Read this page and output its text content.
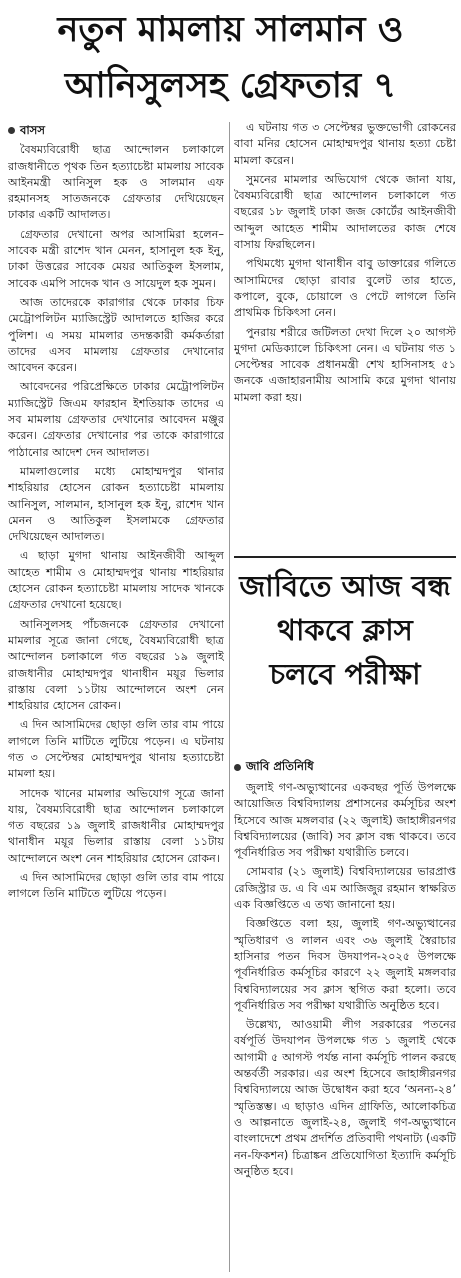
নতুন মামলায় সালমান ও
আনিসুলসহ গ্রেফতার ৭
বাসস

বৈষম্যবিরোধী ছাত্র আন্দোলন চলাকালে রাজধানীতে পৃথক তিন হত্যাচেষ্টা মামলায় সাবেক আইনমন্ত্রী আনিসুল হক ও সালমান এফ রহমানসহ সাতজনকে গ্রেফতার দেখিয়েছেন ঢাকার একটি আদালত।

গ্রেফতার দেখানো অপর আসামিরা হলেন– সাবেক মন্ত্রী রাশেদ খান মেনন, হাসানুল হক ইনু, ঢাকা উত্তরের সাবেক মেয়র আতিকুল ইসলাম, সাবেক এমপি সাদেক খান ও সায়েদুল হক সুমন।

আজ তাদেরকে কারাগার থেকে ঢাকার চিফ মেট্রোপলিটন ম্যাজিস্ট্রেট আদালতে হাজির করে পুলিশ। এ সময় মামলার তদন্তকারী কর্মকর্তারা তাদের এসব মামলায় গ্রেফতার দেখানোর আবেদন করেন।

আবেদনের পরিপ্রেক্ষিতে ঢাকার মেট্রোপলিটন ম্যাজিস্ট্রেট জিএম ফারহান ইশতিয়াক তাদের এ সব মামলায় গ্রেফতার দেখানোর আবেদন মঞ্জুর করেন। গ্রেফতার দেখানোর পর তাকে কারাগারে পাঠানোর আদেশ দেন আদালত।

মামলাগুলোর মধ্যে মোহাম্মদপুর থানার শাহরিয়ার হোসেন রোকন হত্যাচেষ্টা মামলায় আনিসুল, সালমান, হাসানুল হক ইনু, রাশেদ খান মেনন ও আতিকুল ইসলামকে গ্রেফতার দেখিয়েছেন আদালত।

এ ছাড়া মুগদা থানায় আইনজীবী আব্দুল আহেত শামীম ও মোহাম্মদপুর থানায় শাহরিয়ার হোসেন রোকন হত্যাচেষ্টা মামলায় সাদেক খানকে গ্রেফতার দেখানো হয়েছে।

আনিসুলসহ পাঁচজনকে গ্রেফতার দেখানো মামলার সূত্রে জানা গেছে, বৈষম্যবিরোধী ছাত্র আন্দোলন চলাকালে গত বছরের ১৯ জুলাই রাজধানীর মোহাম্মদপুর থানাধীন ময়ূর ভিলার রাস্তায় বেলা ১১টায় আন্দোলনে অংশ নেন শাহরিয়ার হোসেন রোকন।

এ দিন আসামিদের ছোড়া গুলি তার বাম পায়ে লাগলে তিনি মাটিতে লুটিয়ে পড়েন। এ ঘটনায় গত ৩ সেপ্টেম্বর মোহাম্মদপুর থানায় হত্যাচেষ্টা মামলা হয়।

সাদেক খানের মামলার অভিযোগ সূত্রে জানা যায়, বৈষম্যবিরোধী ছাত্র আন্দোলন চলাকালে গত বছরের ১৯ জুলাই রাজধানীর মোহাম্মদপুর থানাধীন ময়ূর ভিলার রাস্তায় বেলা ১১টায় আন্দোলনে অংশ নেন শাহরিয়ার হোসেন রোকন।

এ দিন আসামিদের ছোড়া গুলি তার বাম পায়ে লাগলে তিনি মাটিতে লুটিয়ে পড়েন।

এ ঘটনায় গত ৩ সেপ্টেম্বর ভুক্তভোগী রোকনের বাবা মনির হোসেন মোহাম্মদপুর থানায় হত্যা চেষ্টা মামলা করেন।

সুমনের মামলার অভিযোগ থেকে জানা যায়, বৈষম্যবিরোধী ছাত্র আন্দোলন চলাকালে গত বছরের ১৮ জুলাই ঢাকা জজ কোর্টের আইনজীবী আব্দুল আহেত শামীম আদালতের কাজ শেষে বাসায় ফিরছিলেন।

পথিমধ্যে মুগদা থানাধীন বাবু ডাক্তারের গলিতে আসামিদের ছোড়া রাবার বুলেট তার হাতে, কপালে, বুকে, চোয়ালে ও পেটে লাগলে তিনি প্রাথমিক চিকিৎসা নেন।

পুনরায় শরীরে জটিলতা দেখা দিলে ২০ আগস্ট মুগদা মেডিক্যালে চিকিৎসা নেন। এ ঘটনায় গত ১ সেপ্টেম্বর সাবেক প্রধানমন্ত্রী শেখ হাসিনাসহ ৫১ জনকে এজাহারনামীয় আসামি করে মুগদা থানায় মামলা করা হয়।

জাবিতে আজ বন্ধ
থাকবে ক্লাস
চলবে পরীক্ষা
জাবি প্রতিনিধি

জুলাই গণ-অভ্যুত্থানের একবছর পূর্তি উপলক্ষে আয়োজিত বিশ্ববিদ্যালয় প্রশাসনের কর্মসূচির অংশ হিসেবে আজ মঙ্গলবার (২২ জুলাই) জাহাঙ্গীরনগর বিশ্ববিদ্যালয়ের (জাবি) সব ক্লাস বন্ধ থাকবে। তবে পূর্বনির্ধারিত সব পরীক্ষা যথারীতি চলবে।

সোমবার (২১ জুলাই) বিশ্ববিদ্যালয়ের ভারপ্রাপ্ত রেজিস্ট্রার ড. এ বি এম আজিজুর রহমান স্বাক্ষরিত এক বিজ্ঞপ্তিতে এ তথ্য জানানো হয়।

বিজ্ঞপ্তিতে বলা হয়, জুলাই গণ-অভ্যুত্থানের স্মৃতিধারণ ও লালন এবং ৩৬ জুলাই স্বৈরাচার হাসিনার পতন দিবস উদযাপন-২০২৫ উপলক্ষে পূর্বনির্ধারিত কর্মসূচির কারণে ২২ জুলাই মঙ্গলবার বিশ্ববিদ্যালয়ের সব ক্লাস স্থগিত করা হলো। তবে পূর্বনির্ধারিত সব পরীক্ষা যথারীতি অনুষ্ঠিত হবে।

উল্লেখ্য, আওয়ামী লীগ সরকারের পতনের বর্ষপূর্তি উদযাপন উপলক্ষে গত ১ জুলাই থেকে আগামী ৫ আগস্ট পর্যন্ত নানা কর্মসূচি পালন করছে অন্তর্বর্তী সরকার। এর অংশ হিসেবে জাহাঙ্গীরনগর বিশ্ববিদ্যালয়ে আজ উদ্বোধন করা হবে ‘অনন্য-২৪’ স্মৃতিস্তম্ভ। এ ছাড়াও এদিন গ্রাফিতি, আলোকচিত্র ও আল্পনাতে জুলাই-২৪, জুলাই গণ-অভ্যুত্থানে বাংলাদেশে প্রথম প্রদর্শিত প্রতিবাদী পথনাট্য (একটি নন-ফিকশন) চিত্রাঙ্কন প্রতিযোগিতা ইত্যাদি কর্মসূচি অনুষ্ঠিত হবে।
